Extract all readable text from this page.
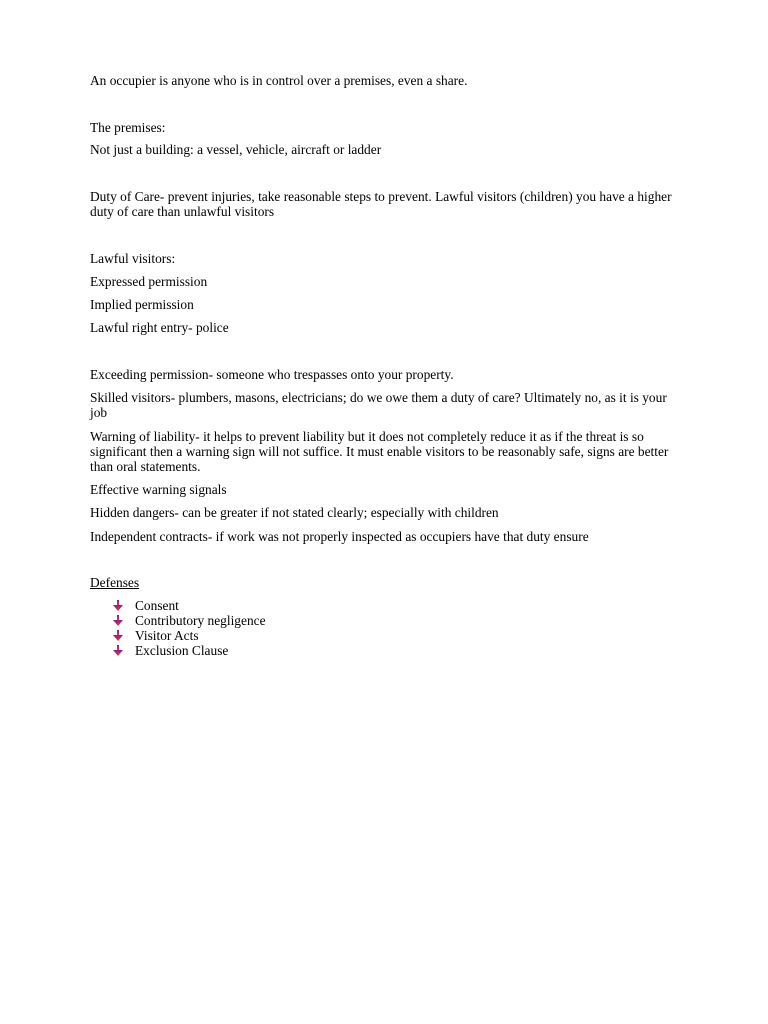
An occupier is anyone who is in control over a premises, even a share.

The premises:

Not just a building: a vessel, vehicle, aircraft or ladder

Duty of Care- prevent injuries, take reasonable steps to prevent. Lawful visitors (children) you have a higher duty of care than unlawful visitors

Lawful visitors:

Expressed permission

Implied permission

Lawful right entry- police

Exceeding permission- someone who trespasses onto your property.

Skilled visitors- plumbers, masons, electricians; do we owe them a duty of care? Ultimately no, as it is your job

Warning of liability- it helps to prevent liability but it does not completely reduce it as if the threat is so significant then a warning sign will not suffice. It must enable visitors to be reasonably safe, signs are better than oral statements.

Effective warning signals

Hidden dangers- can be greater if not stated clearly; especially with children

Independent contracts- if work was not properly inspected as occupiers have that duty ensure

Defenses

Consent
Contributory negligence
Visitor Acts
Exclusion Clause
